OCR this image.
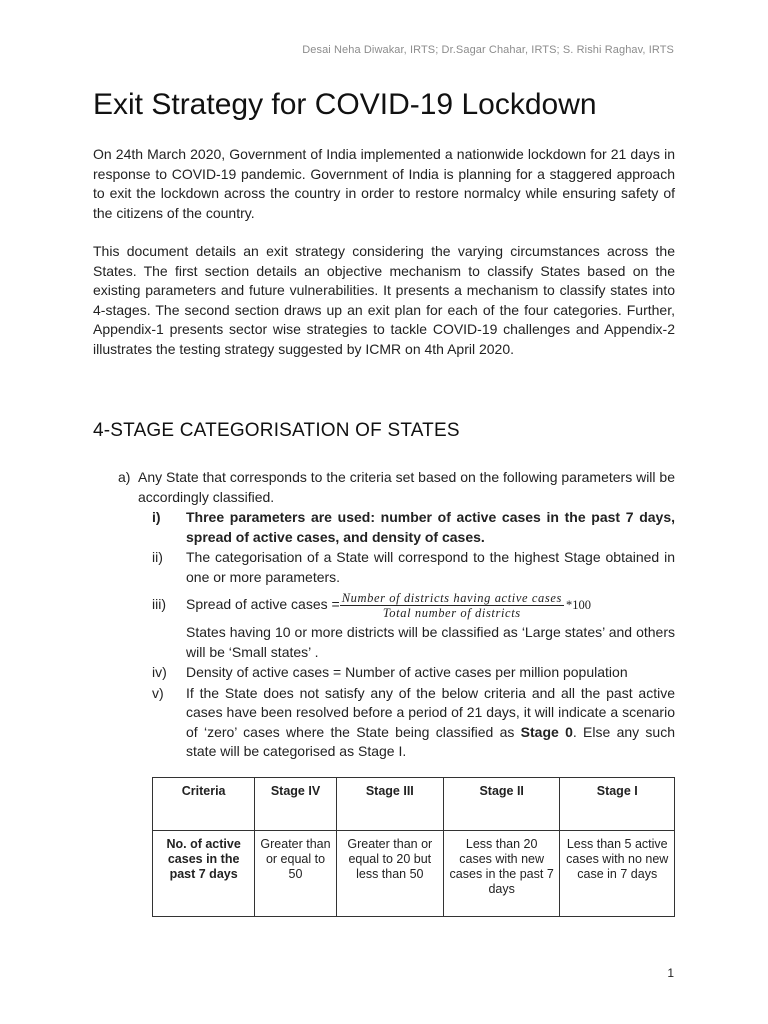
Desai Neha Diwakar, IRTS; Dr.Sagar Chahar, IRTS; S. Rishi Raghav, IRTS
Exit Strategy for COVID-19 Lockdown

On 24th March 2020, Government of India implemented a nationwide lockdown for 21 days in response to COVID-19 pandemic. Government of India is planning for a staggered approach to exit the lockdown across the country in order to restore normalcy while ensuring safety of the citizens of the country.

This document details an exit strategy considering the varying circumstances across the States. The first section details an objective mechanism to classify States based on the existing parameters and future vulnerabilities. It presents a mechanism to classify states into 4-stages. The second section draws up an exit plan for each of the four categories. Further, Appendix-1 presents sector wise strategies to tackle COVID-19 challenges and Appendix-2 illustrates the testing strategy suggested by ICMR on 4th April 2020.

4-STAGE CATEGORISATION OF STATES
a) Any State that corresponds to the criteria set based on the following parameters will be accordingly classified.
i)	Three parameters are used: number of active cases in the past 7 days, spread of active cases, and density of cases.
ii)	The categorisation of a State will correspond to the highest Stage obtained in one or more parameters.
iii)	Spread of active cases = $\frac{\text{Number of districts having active cases}}{\text{Total number of districts}} *100$
States having 10 or more districts will be classified as ‘Large states’ and others will be ‘Small states’ .
iv)	Density of active cases = Number of active cases per million population
v)	If the State does not satisfy any of the below criteria and all the past active cases have been resolved before a period of 21 days, it will indicate a scenario of ‘zero’ cases where the State being classified as Stage 0. Else any such state will be categorised as Stage I.
Criteria	Stage IV	Stage III	Stage II	Stage I
No. of active cases in the past 7 days	Greater than or equal to 50	Greater than or equal to 20 but less than 50	Less than 20 cases with new cases in the past 7 days	Less than 5 active cases with no new case in 7 days
1
